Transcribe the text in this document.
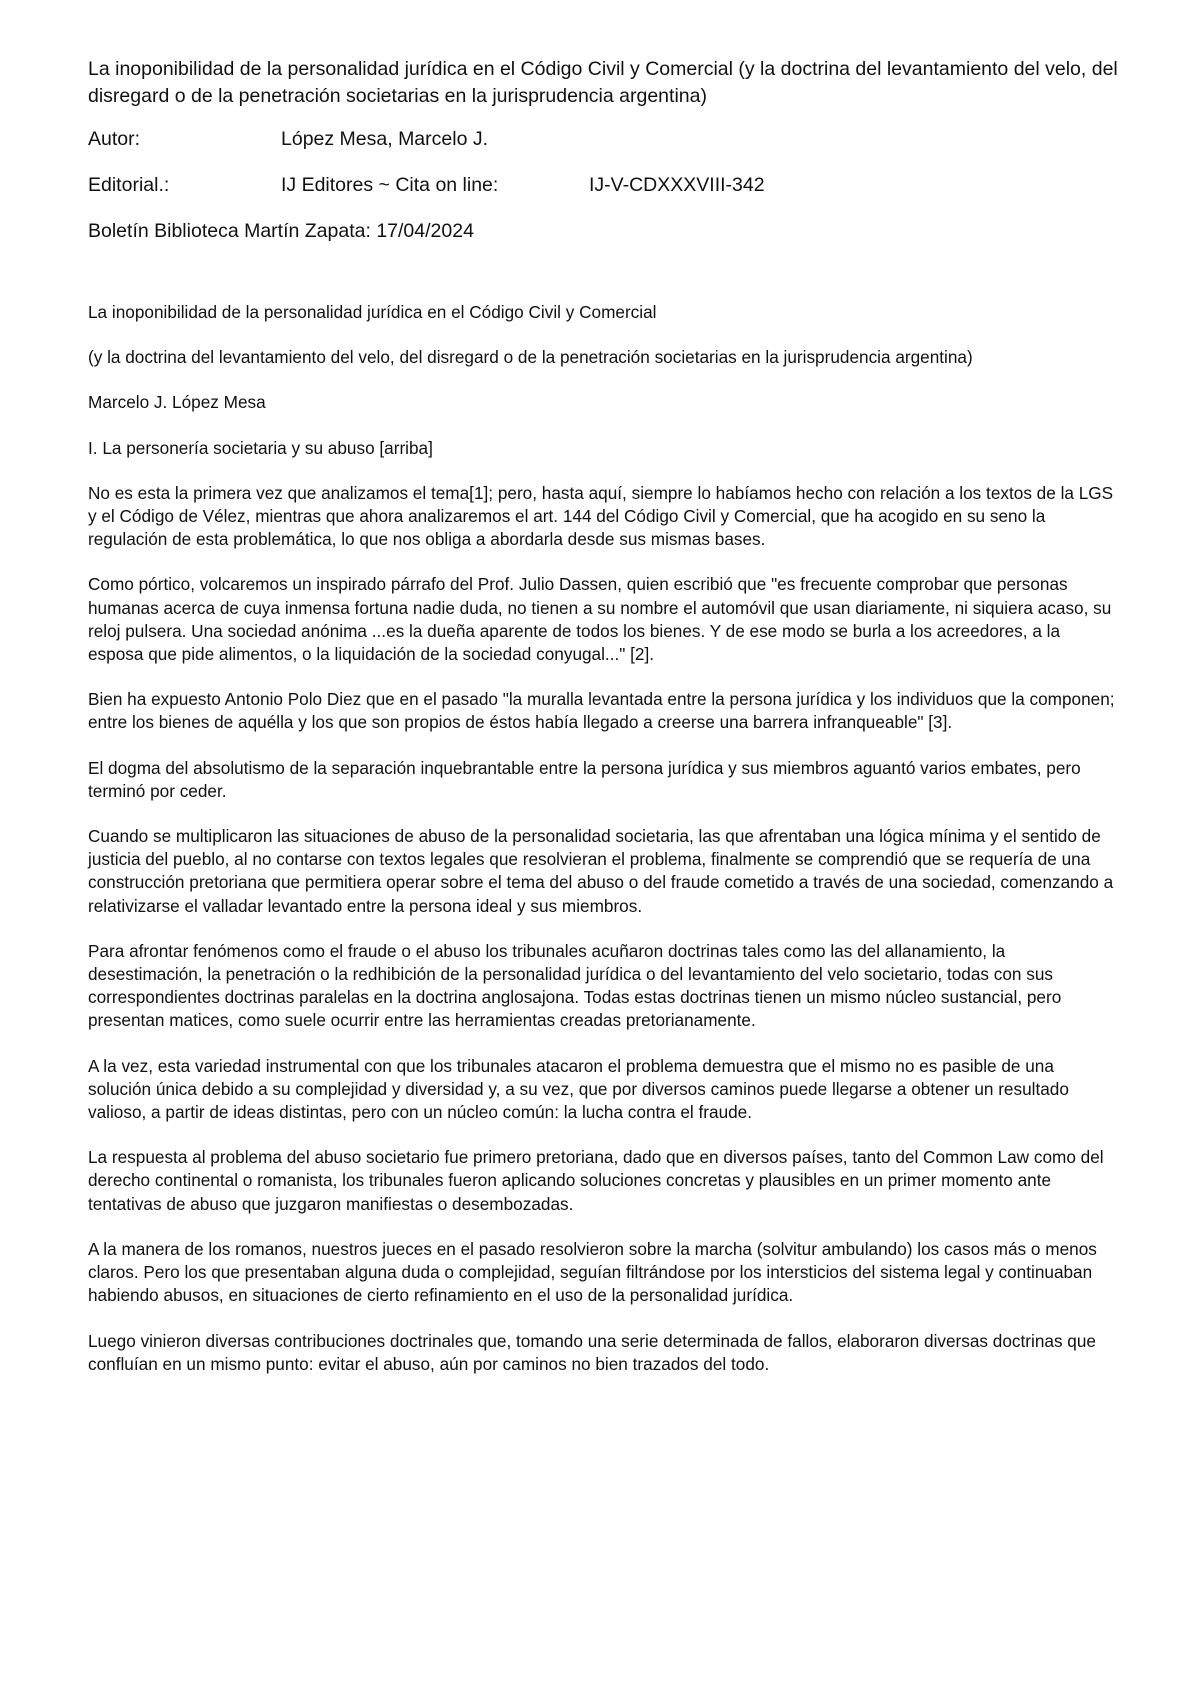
La inoponibilidad de la personalidad jurídica en el Código Civil y Comercial (y la doctrina del levantamiento del velo, del disregard o de la penetración societarias en la jurisprudencia argentina)
Autor:	López Mesa, Marcelo J.
Editorial.:	IJ Editores ~ Cita on line:	IJ-V-CDXXXVIII-342
Boletín Biblioteca Martín Zapata: 17/04/2024

La inoponibilidad de la personalidad jurídica en el Código Civil y Comercial

(y la doctrina del levantamiento del velo, del disregard o de la penetración societarias en la jurisprudencia argentina)

Marcelo J. López Mesa

I. La personería societaria y su abuso [arriba]

No es esta la primera vez que analizamos el tema[1]; pero, hasta aquí, siempre lo habíamos hecho con relación a los textos de la LGS y el Código de Vélez, mientras que ahora analizaremos el art. 144 del Código Civil y Comercial, que ha acogido en su seno la regulación de esta problemática, lo que nos obliga a abordarla desde sus mismas bases.

Como pórtico, volcaremos un inspirado párrafo del Prof. Julio Dassen, quien escribió que "es frecuente comprobar que personas humanas acerca de cuya inmensa fortuna nadie duda, no tienen a su nombre el automóvil que usan diariamente, ni siquiera acaso, su reloj pulsera. Una sociedad anónima ...es la dueña aparente de todos los bienes. Y de ese modo se burla a los acreedores, a la esposa que pide alimentos, o la liquidación de la sociedad conyugal..." [2].

Bien ha expuesto Antonio Polo Diez que en el pasado "la muralla levantada entre la persona jurídica y los individuos que la componen; entre los bienes de aquélla y los que son propios de éstos había llegado a creerse una barrera infranqueable" [3].

El dogma del absolutismo de la separación inquebrantable entre la persona jurídica y sus miembros aguantó varios embates, pero terminó por ceder.

Cuando se multiplicaron las situaciones de abuso de la personalidad societaria, las que afrentaban una lógica mínima y el sentido de justicia del pueblo, al no contarse con textos legales que resolvieran el problema, finalmente se comprendió que se requería de una construcción pretoriana que permitiera operar sobre el tema del abuso o del fraude cometido a través de una sociedad, comenzando a relativizarse el valladar levantado entre la persona ideal y sus miembros.

Para afrontar fenómenos como el fraude o el abuso los tribunales acuñaron doctrinas tales como las del allanamiento, la desestimación, la penetración o la redhibición de la personalidad jurídica o del levantamiento del velo societario, todas con sus correspondientes doctrinas paralelas en la doctrina anglosajona. Todas estas doctrinas tienen un mismo núcleo sustancial, pero presentan matices, como suele ocurrir entre las herramientas creadas pretorianamente.

A la vez, esta variedad instrumental con que los tribunales atacaron el problema demuestra que el mismo no es pasible de una solución única debido a su complejidad y diversidad y, a su vez, que por diversos caminos puede llegarse a obtener un resultado valioso, a partir de ideas distintas, pero con un núcleo común: la lucha contra el fraude.

La respuesta al problema del abuso societario fue primero pretoriana, dado que en diversos países, tanto del Common Law como del derecho continental o romanista, los tribunales fueron aplicando soluciones concretas y plausibles en un primer momento ante tentativas de abuso que juzgaron manifiestas o desembozadas.

A la manera de los romanos, nuestros jueces en el pasado resolvieron sobre la marcha (solvitur ambulando) los casos más o menos claros. Pero los que presentaban alguna duda o complejidad, seguían filtrándose por los intersticios del sistema legal y continuaban habiendo abusos, en situaciones de cierto refinamiento en el uso de la personalidad jurídica.

Luego vinieron diversas contribuciones doctrinales que, tomando una serie determinada de fallos, elaboraron diversas doctrinas que confluían en un mismo punto: evitar el abuso, aún por caminos no bien trazados del todo.
